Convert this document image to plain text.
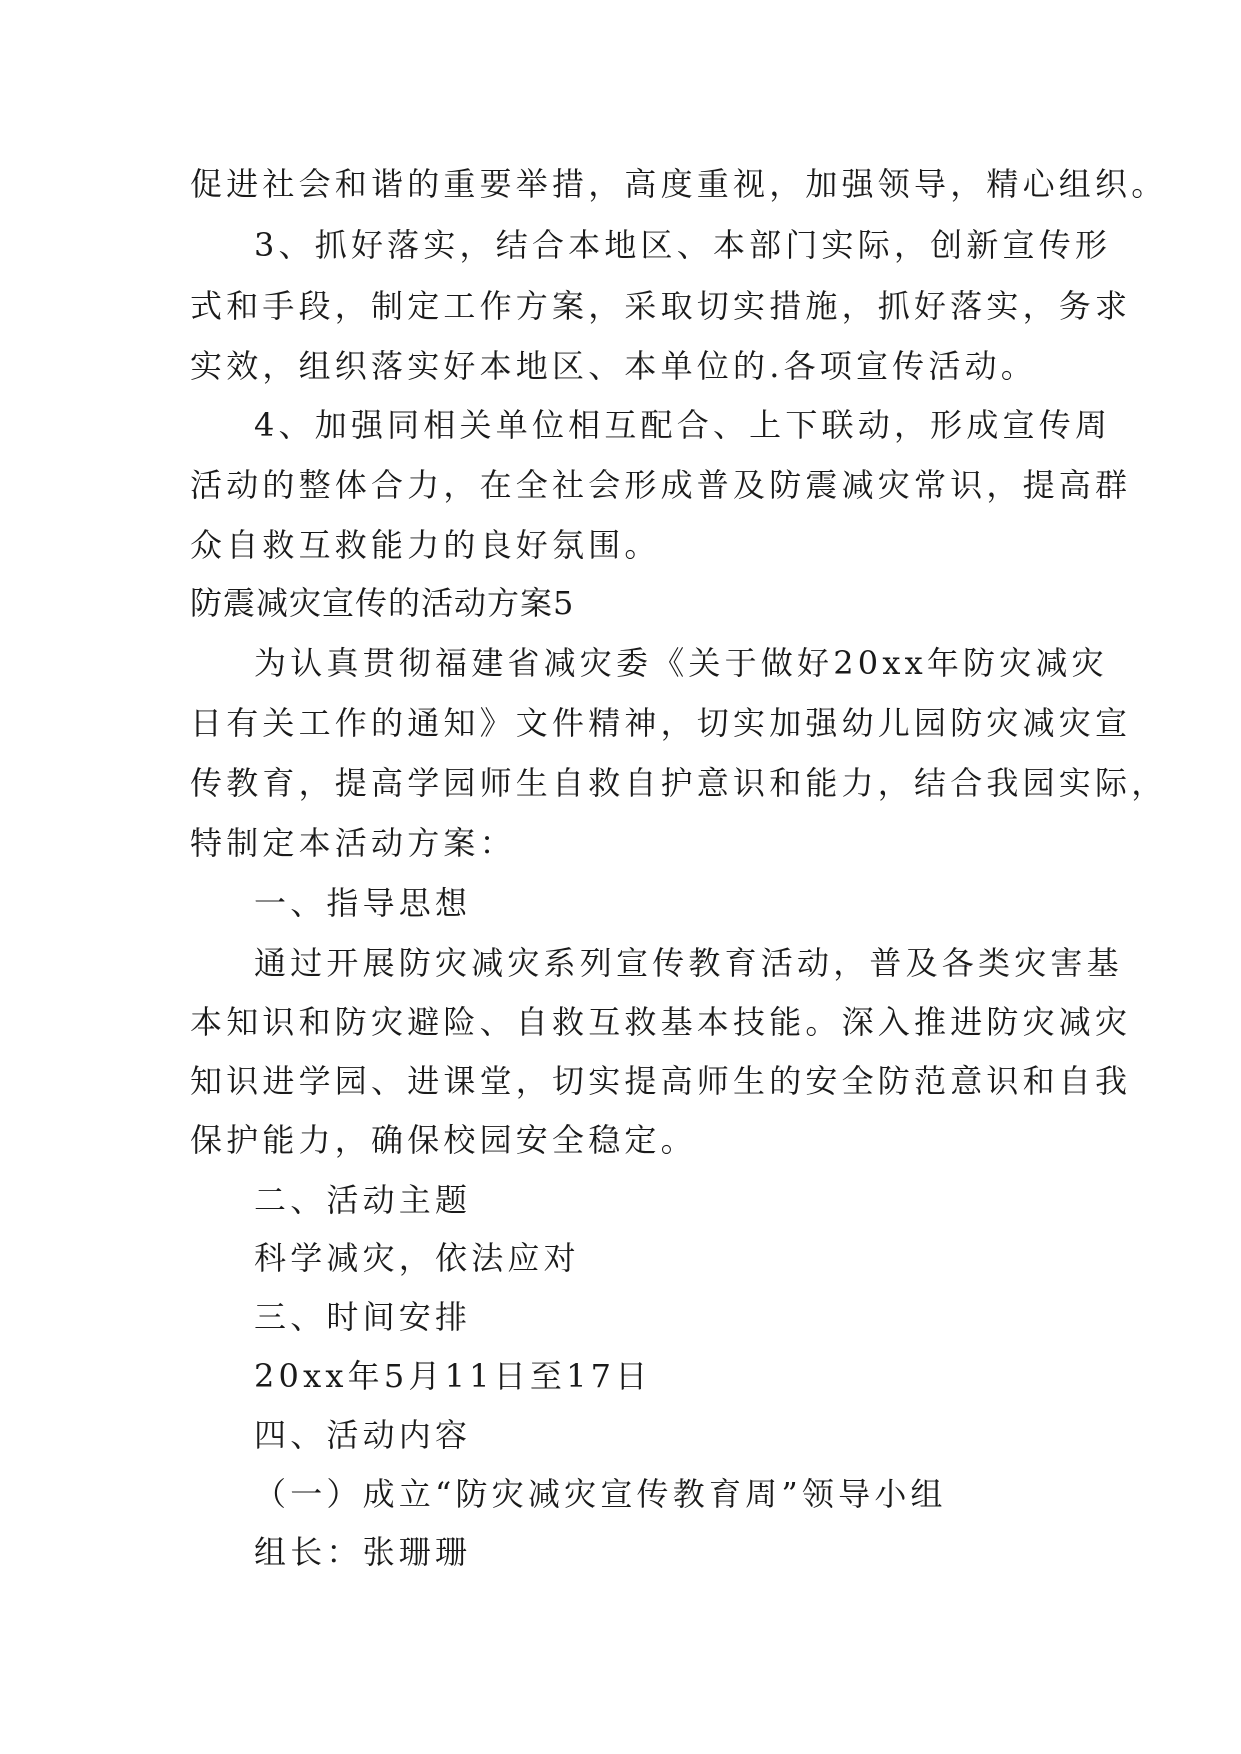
促进社会和谐的重要举措，高度重视，加强领导，精心组织。
3、抓好落实，结合本地区、本部门实际，创新宣传形
式和手段，制定工作方案，采取切实措施，抓好落实，务求
实效，组织落实好本地区、本单位的.各项宣传活动。
4、加强同相关单位相互配合、上下联动，形成宣传周
活动的整体合力，在全社会形成普及防震减灾常识，提高群
众自救互救能力的良好氛围。
防震减灾宣传的活动方案5
为认真贯彻福建省减灾委《关于做好20xx年防灾减灾
日有关工作的通知》文件精神，切实加强幼儿园防灾减灾宣
传教育，提高学园师生自救自护意识和能力，结合我园实际，
特制定本活动方案：
一、指导思想
通过开展防灾减灾系列宣传教育活动，普及各类灾害基
本知识和防灾避险、自救互救基本技能。深入推进防灾减灾
知识进学园、进课堂，切实提高师生的安全防范意识和自我
保护能力，确保校园安全稳定。
二、活动主题
科学减灾，依法应对
三、时间安排
20xx年5月11日至17日
四、活动内容
（一）成立“防灾减灾宣传教育周”领导小组
组长：张珊珊
